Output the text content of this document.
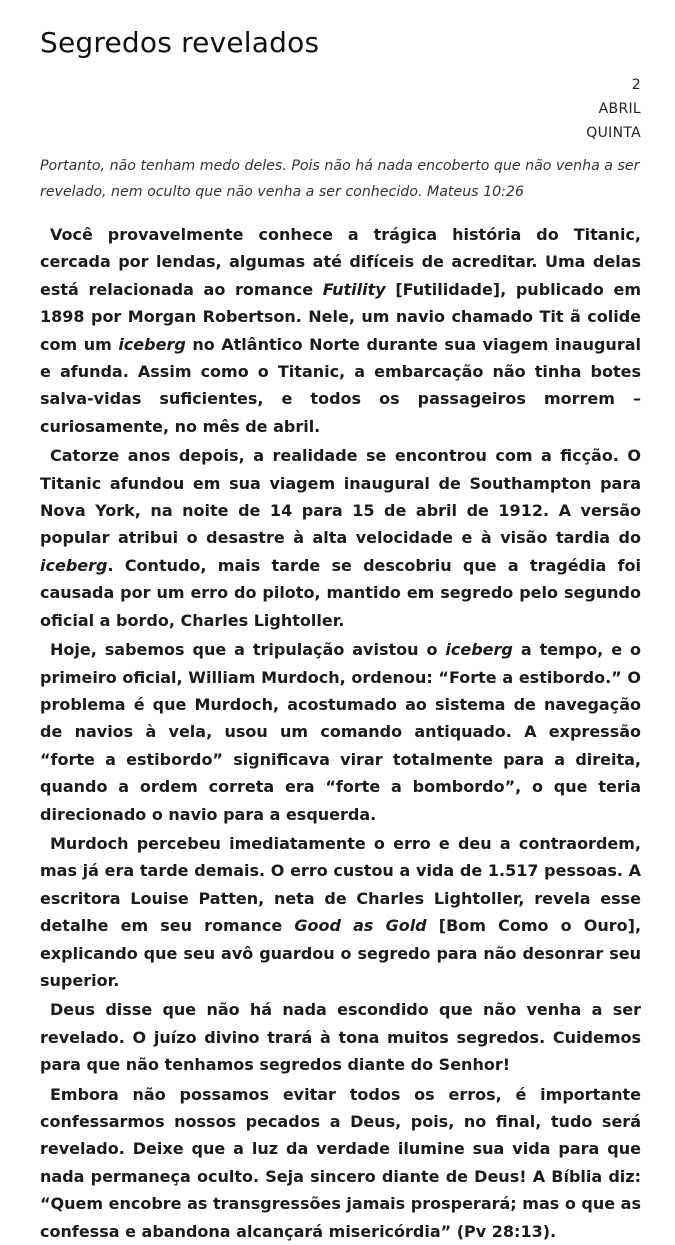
Segredos revelados
2
ABRIL
QUINTA
Portanto, não tenham medo deles. Pois não há nada encoberto que não venha a ser revelado, nem oculto que não venha a ser conhecido. Mateus 10:26

Você provavelmente conhece a trágica história do Titanic, cercada por lendas, algumas até difíceis de acreditar. Uma delas está relacionada ao romance Futility [Futilidade], publicado em 1898 por Morgan Robertson. Nele, um navio chamado Tit ã colide com um iceberg no Atlântico Norte durante sua viagem inaugural e afunda. Assim como o Titanic, a embarcação não tinha botes salva-vidas suficientes, e todos os passageiros morrem – curiosamente, no mês de abril.

Catorze anos depois, a realidade se encontrou com a ficção. O Titanic afundou em sua viagem inaugural de Southampton para Nova York, na noite de 14 para 15 de abril de 1912. A versão popular atribui o desastre à alta velocidade e à visão tardia do iceberg. Contudo, mais tarde se descobriu que a tragédia foi causada por um erro do piloto, mantido em segredo pelo segundo oficial a bordo, Charles Lightoller.

Hoje, sabemos que a tripulação avistou o iceberg a tempo, e o primeiro oficial, William Murdoch, ordenou: “Forte a estibordo.” O problema é que Murdoch, acostumado ao sistema de navegação de navios à vela, usou um comando antiquado. A expressão “forte a estibordo” significava virar totalmente para a direita, quando a ordem correta era “forte a bombordo”, o que teria direcionado o navio para a esquerda.

Murdoch percebeu imediatamente o erro e deu a contraordem, mas já era tarde demais. O erro custou a vida de 1.517 pessoas. A escritora Louise Patten, neta de Charles Lightoller, revela esse detalhe em seu romance Good as Gold [Bom Como o Ouro], explicando que seu avô guardou o segredo para não desonrar seu superior.

Deus disse que não há nada escondido que não venha a ser revelado. O juízo divino trará à tona muitos segredos. Cuidemos para que não tenhamos segredos diante do Senhor!

Embora não possamos evitar todos os erros, é importante confessarmos nossos pecados a Deus, pois, no final, tudo será revelado. Deixe que a luz da verdade ilumine sua vida para que nada permaneça oculto. Seja sincero diante de Deus! A Bíblia diz: “Quem encobre as transgressões jamais prosperará; mas o que as confessa e abandona alcançará misericórdia” (Pv 28:13).
